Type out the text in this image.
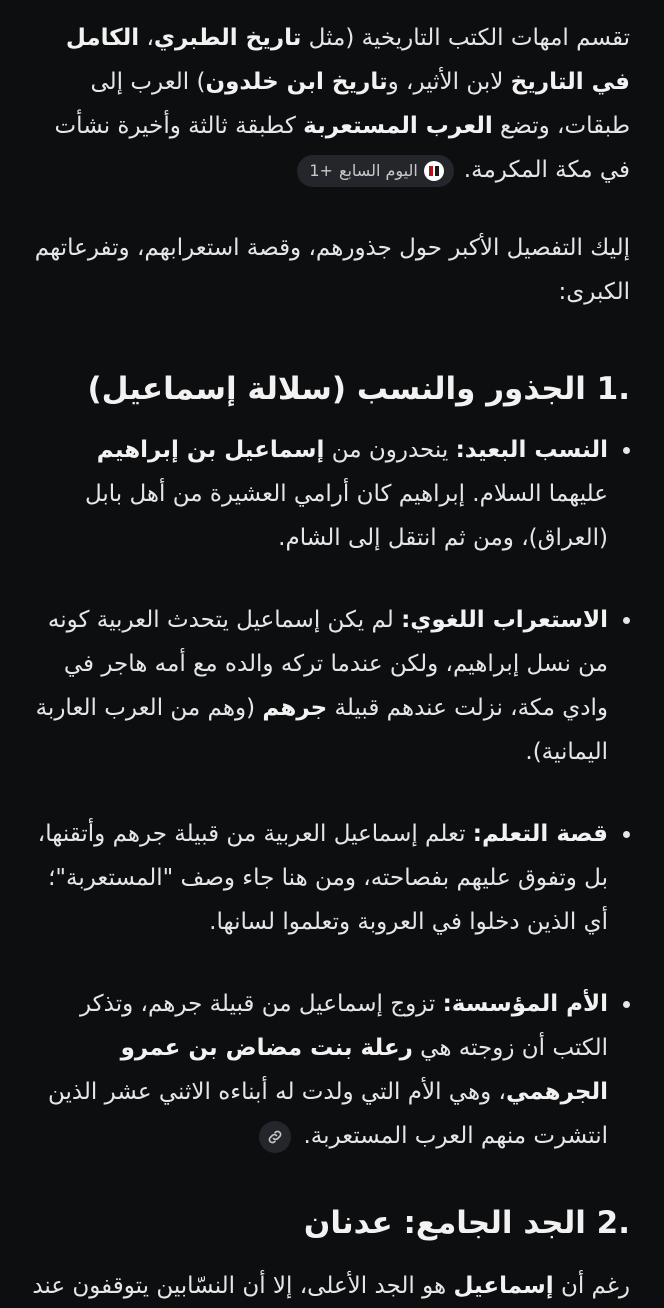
تقسم امهات الكتب التاريخية (مثل تاريخ الطبري، الكامل في التاريخ لابن الأثير، وتاريخ ابن خلدون) العرب إلى طبقات، وتضع العرب المستعربة كطبقة ثالثة وأخيرة نشأت في مكة المكرمة.
اليوم السابع
+1

إليك التفصيل الأكبر حول جذورهم، وقصة استعرابهم، وتفرعاتهم الكبرى:

1. الجذور والنسب (سلالة إسماعيل)
النسب البعيد: ينحدرون من إسماعيل بن إبراهيم عليهما السلام. إبراهيم كان أرامي العشيرة من أهل بابل (العراق)، ومن ثم انتقل إلى الشام.
الاستعراب اللغوي: لم يكن إسماعيل يتحدث العربية كونه من نسل إبراهيم، ولكن عندما تركه والده مع أمه هاجر في وادي مكة، نزلت عندهم قبيلة جرهم (وهم من العرب العاربة اليمانية).
قصة التعلم: تعلم إسماعيل العربية من قبيلة جرهم وأتقنها، بل وتفوق عليهم بفصاحته، ومن هنا جاء وصف "المستعربة"؛ أي الذين دخلوا في العروبة وتعلموا لسانها.
الأم المؤسسة: تزوج إسماعيل من قبيلة جرهم، وتذكر الكتب أن زوجته هي رعلة بنت مضاض بن عمرو الجرهمي، وهي الأم التي ولدت له أبناءه الاثني عشر الذين انتشرت منهم العرب المستعربة.
2. الجد الجامع: عدنان

رغم أن إسماعيل هو الجد الأعلى، إلا أن النسّابين يتوقفون عند
